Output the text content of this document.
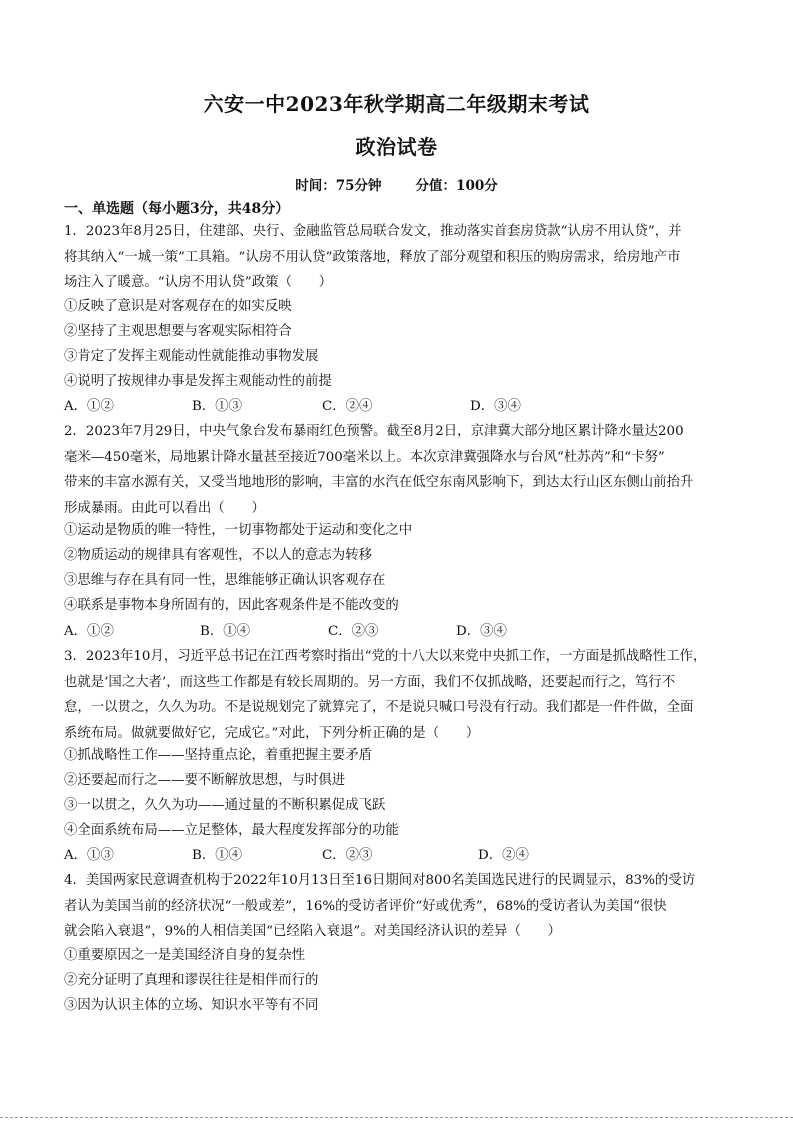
六安一中2023年秋学期高二年级期末考试
政治试卷
时间：75分钟	分值：100分
一、单选题（每小题3分，共48分）
1．2023年8月25日，住建部、央行、金融监管总局联合发文，推动落实首套房贷款“认房不用认贷”，并
将其纳入“一城一策”工具箱。“认房不用认贷”政策落地，释放了部分观望和积压的购房需求，给房地产市
场注入了暖意。“认房不用认贷”政策（　　）
①反映了意识是对客观存在的如实反映
②坚持了主观思想要与客观实际相符合
③肯定了发挥主观能动性就能推动事物发展
④说明了按规律办事是发挥主观能动性的前提
A．①②	B．①③	C．②④	D．③④
2．2023年7月29日，中央气象台发布暴雨红色预警。截至8月2日，京津冀大部分地区累计降水量达200
毫米—450毫米，局地累计降水量甚至接近700毫米以上。本次京津冀强降水与台风“杜苏芮”和“卡努”
带来的丰富水源有关，又受当地地形的影响，丰富的水汽在低空东南风影响下，到达太行山区东侧山前抬升
形成暴雨。由此可以看出（　　）
①运动是物质的唯一特性，一切事物都处于运动和变化之中
②物质运动的规律具有客观性，不以人的意志为转移
③思维与存在具有同一性，思维能够正确认识客观存在
④联系是事物本身所固有的，因此客观条件是不能改变的
A．①②	B．①④	C．②③	D．③④
3．2023年10月，习近平总书记在江西考察时指出“党的十八大以来党中央抓工作，一方面是抓战略性工作，
也就是‘国之大者’，而这些工作都是有较长周期的。另一方面，我们不仅抓战略，还要起而行之，笃行不
怠，一以贯之，久久为功。不是说规划完了就算完了，不是说只喊口号没有行动。我们都是一件件做，全面
系统布局。做就要做好它，完成它。”对此，下列分析正确的是（　　）
①抓战略性工作——坚持重点论，着重把握主要矛盾
②还要起而行之——要不断解放思想，与时俱进
③一以贯之，久久为功——通过量的不断积累促成飞跃
④全面系统布局——立足整体，最大程度发挥部分的功能
A．①③	B．①④	C．②③	D．②④
4．美国两家民意调查机构于2022年10月13日至16日期间对800名美国选民进行的民调显示，83%的受访
者认为美国当前的经济状况“一般或差”，16%的受访者评价“好或优秀”，68%的受访者认为美国“很快
就会陷入衰退”，9%的人相信美国“已经陷入衰退”。对美国经济认识的差异（　　）
①重要原因之一是美国经济自身的复杂性
②充分证明了真理和谬误往往是相伴而行的
③因为认识主体的立场、知识水平等有不同
